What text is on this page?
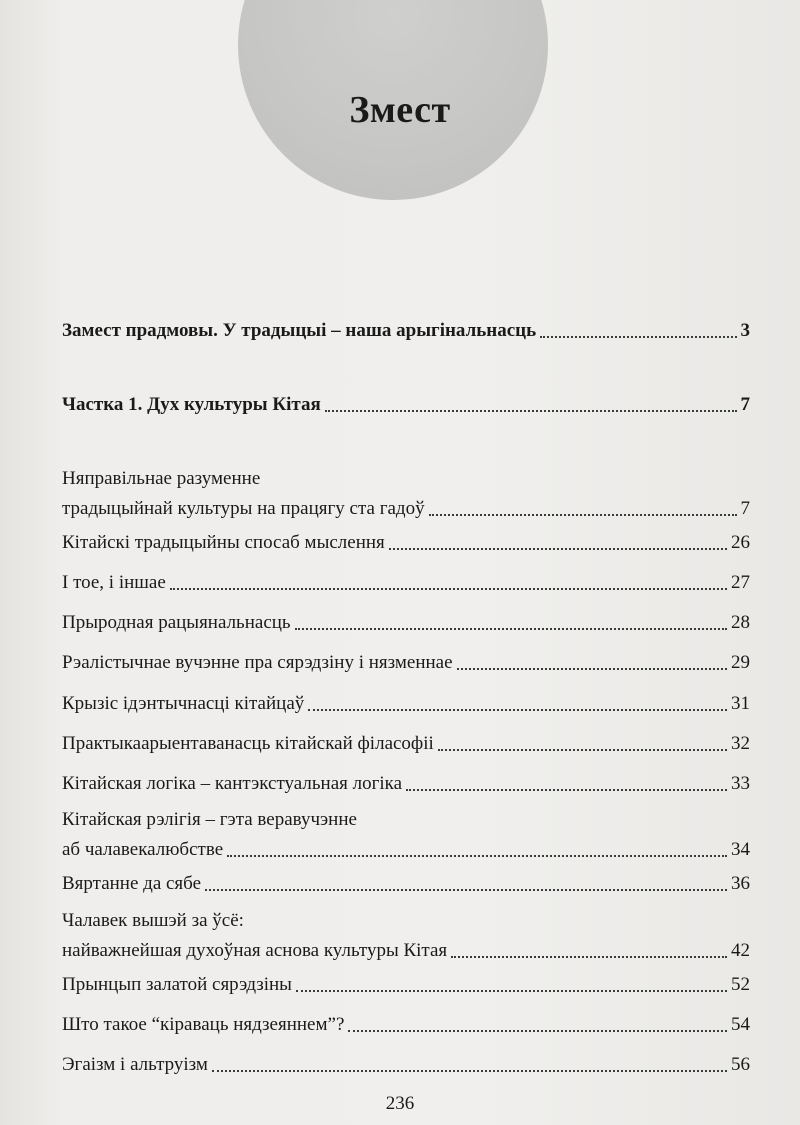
Змест
Замест прадмовы. У традыцыі – наша арыгінальнасць	3
Частка 1. Дух культуры Кітая	7
Няправільнае разуменне
традыцыйнай культуры на працягу ста гадоў	7
Кітайскі традыцыйны спосаб мыслення	26
І тое, і іншае	27
Прыродная рацыянальнасць	28
Рэалістычнае вучэнне пра сярэдзіну і нязменнае	29
Крызіс ідэнтычнасці кітайцаў	31
Практыкаарыентаванасць кітайскай філасофіі	32
Кітайская логіка – кантэкстуальная логіка	33
Кітайская рэлігія – гэта веравучэнне
аб чалавекалюбстве	34
Вяртанне да сябе	36
Чалавек вышэй за ўсё:
найважнейшая духоўная аснова культуры Кітая	42
Прынцып залатой сярэдзіны	52
Што такое “кіраваць нядзеяннем”?	54
Эгаізм і альтруізм	56
236
